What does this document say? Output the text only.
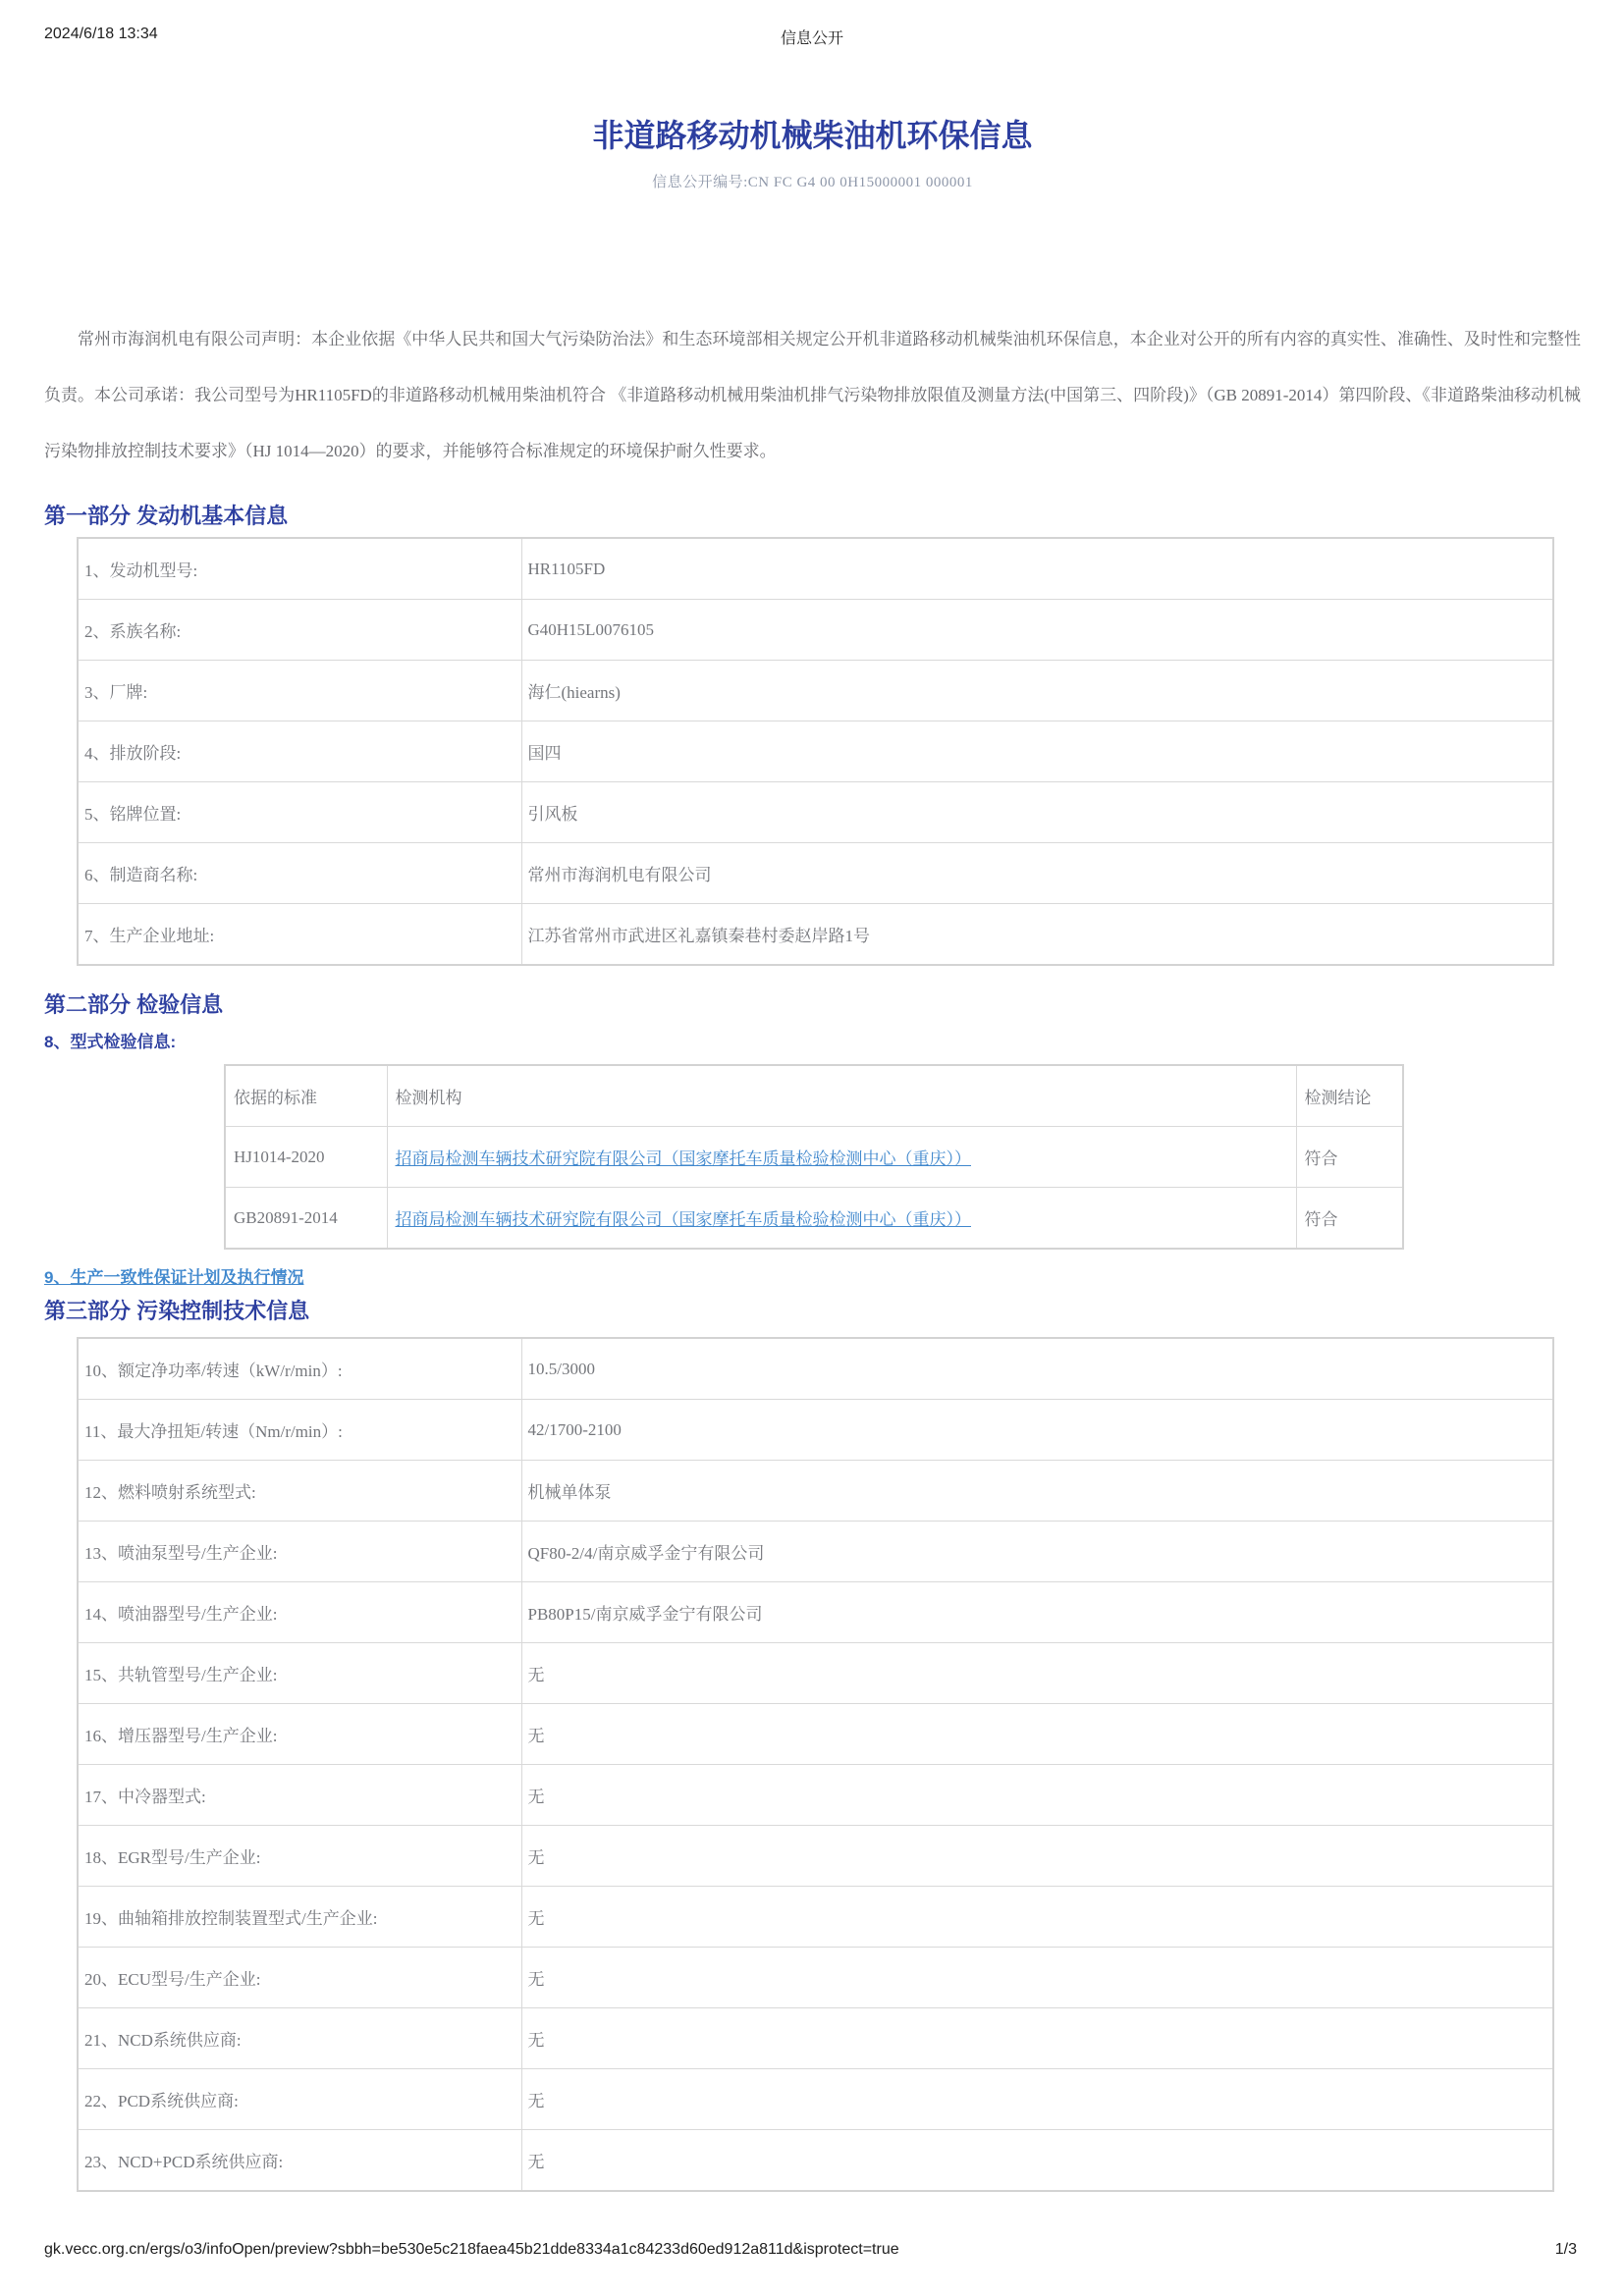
2024/6/18 13:34	信息公开
非道路移动机械柴油机环保信息
信息公开编号:CN FC G4 00 0H15000001 000001

常州市海润机电有限公司声明：本企业依据《中华人民共和国大气污染防治法》和生态环境部相关规定公开机非道路移动机械柴油机环保信息，本企业对公开的所有内容的真实性、准确性、及时性和完整性负责。本公司承诺：我公司型号为HR1105FD的非道路移动机械用柴油机符合 《非道路移动机械用柴油机排气污染物排放限值及测量方法(中国第三、四阶段)》（GB 20891-2014）第四阶段、《非道路柴油移动机械污染物排放控制技术要求》（HJ 1014—2020）的要求，并能够符合标准规定的环境保护耐久性要求。

第一部分 发动机基本信息
1、发动机型号:	HR1105FD
2、系族名称:	G40H15L0076105
3、厂牌:	海仁(hiearns)
4、排放阶段:	国四
5、铭牌位置:	引风板
6、制造商名称:	常州市海润机电有限公司
7、生产企业地址:	江苏省常州市武进区礼嘉镇秦巷村委赵岸路1号
第二部分 检验信息
8、型式检验信息:
依据的标准	检测机构	检测结论
HJ1014-2020	招商局检测车辆技术研究院有限公司（国家摩托车质量检验检测中心（重庆））	符合
GB20891-2014	招商局检测车辆技术研究院有限公司（国家摩托车质量检验检测中心（重庆））	符合
9、生产一致性保证计划及执行情况
第三部分 污染控制技术信息
10、额定净功率/转速（kW/r/min）:	10.5/3000
11、最大净扭矩/转速（Nm/r/min）:	42/1700-2100
12、燃料喷射系统型式:	机械单体泵
13、喷油泵型号/生产企业:	QF80-2/4/南京威孚金宁有限公司
14、喷油器型号/生产企业:	PB80P15/南京威孚金宁有限公司
15、共轨管型号/生产企业:	无
16、增压器型号/生产企业:	无
17、中冷器型式:	无
18、EGR型号/生产企业:	无
19、曲轴箱排放控制装置型式/生产企业:	无
20、ECU型号/生产企业:	无
21、NCD系统供应商:	无
22、PCD系统供应商:	无
23、NCD+PCD系统供应商:	无
gk.vecc.org.cn/ergs/o3/infoOpen/preview?sbbh=be530e5c218faea45b21dde8334a1c84233d60ed912a811d&isprotect=true	1/3
